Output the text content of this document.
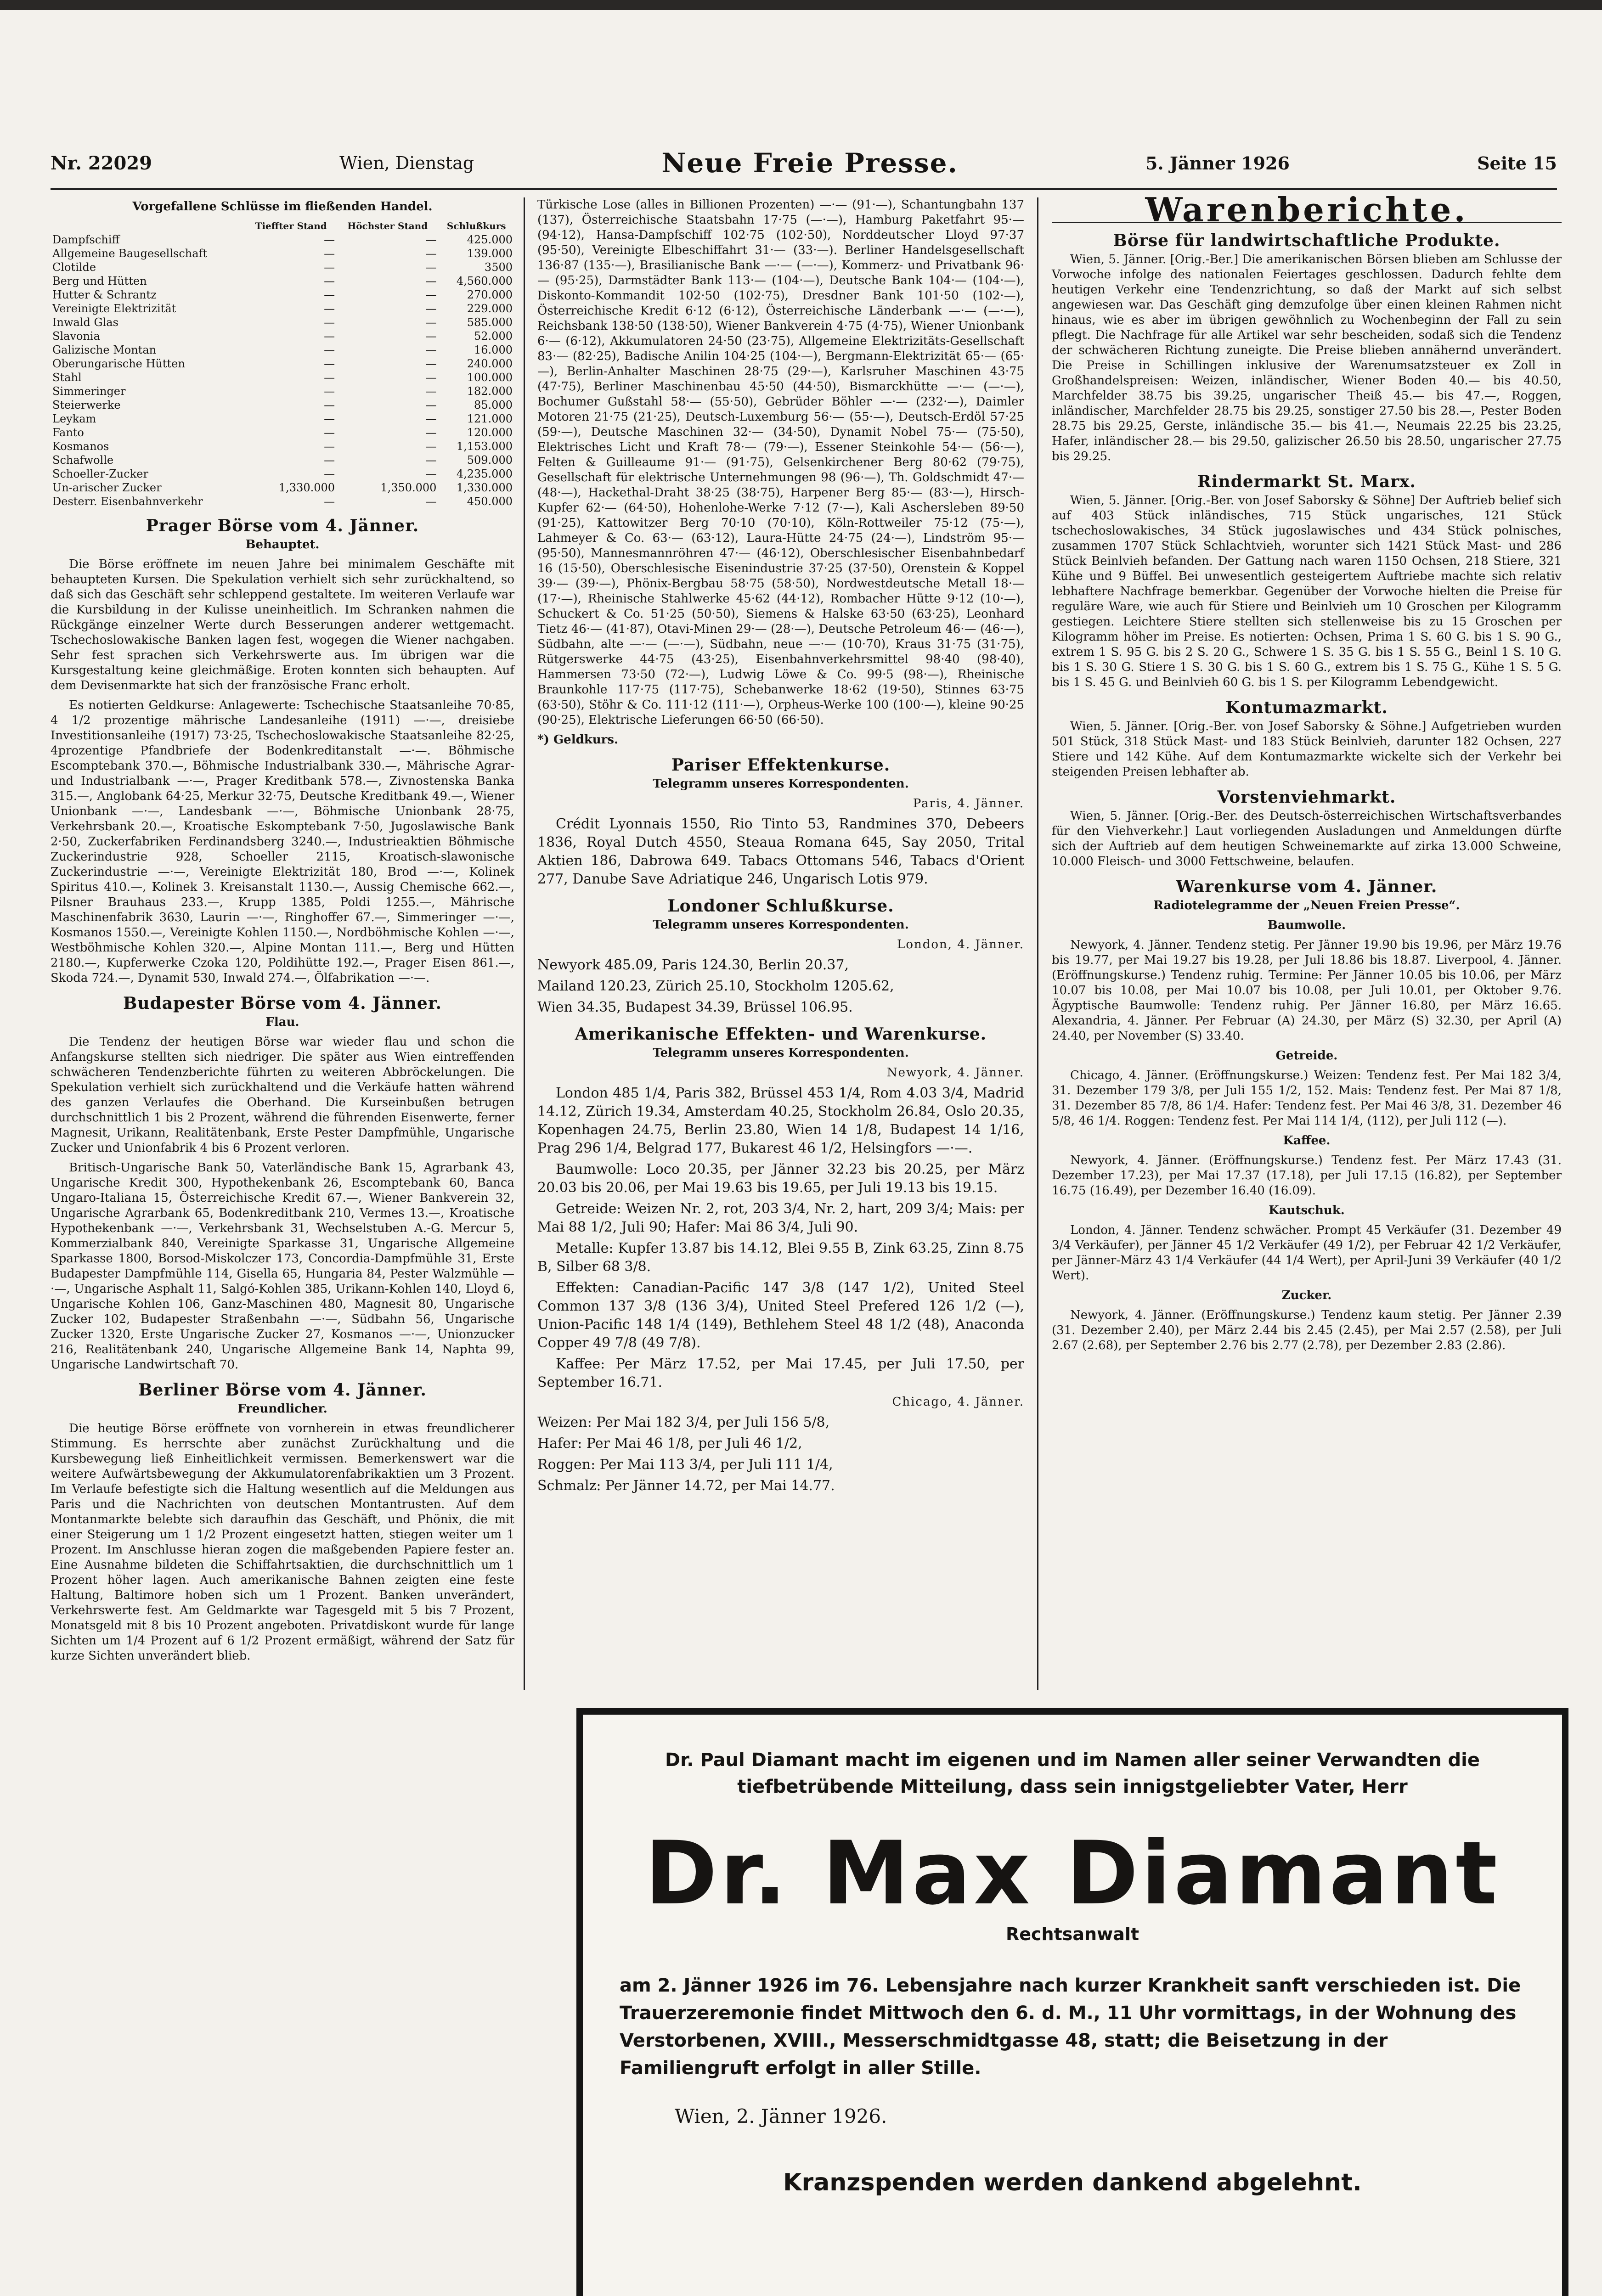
Nr. 22029	Wien, Dienstag	Neue Freie Presse.	5. Jänner 1926	Seite 15
Vorgefallene Schlüsse im fließenden Handel.
	Tieffter Stand	Höchster Stand	Schlußkurs
Dampfschiff	—	—	425.000
Allgemeine Baugesellschaft	—	—	139.000
Clotilde	—	—	3500
Berg und Hütten	—	—	4,560.000
Hutter & Schrantz	—	—	270.000
Vereinigte Elektrizität	—	—	229.000
Inwald Glas	—	—	585.000
Slavonia	—	—	52.000
Galizische Montan	—	—	16.000
Oberungarische Hütten	—	—	240.000
Stahl	—	—	100.000
Simmeringer	—	—	182.000
Steierwerke	—	—	85.000
Leykam	—	—	121.000
Fanto	—	—	120.000
Kosmanos	—	—	1,153.000
Schafwolle	—	—	509.000
Schoeller-Zucker	—	—	4,235.000
Un-arischer Zucker	1,330.000	1,350.000	1,330.000
Desterr. Eisenbahnverkehr	—	—	450.000
Prager Börse vom 4. Jänner.
Behauptet.

Die Börse eröffnete im neuen Jahre bei minimalem Geschäfte mit behaupteten Kursen. Die Spekulation verhielt sich sehr zurückhaltend, so daß sich das Geschäft sehr schleppend gestaltete. Im weiteren Verlaufe war die Kursbildung in der Kulisse uneinheitlich. Im Schranken nahmen die Rückgänge einzelner Werte durch Besserungen anderer wettgemacht. Tschechoslowakische Banken lagen fest, wogegen die Wiener nachgaben. Sehr fest sprachen sich Verkehrswerte aus. Im übrigen war die Kursgestaltung keine gleichmäßige. Eroten konnten sich behaupten. Auf dem Devisenmarkte hat sich der französische Franc erholt.

Es notierten Geldkurse: Anlagewerte: Tschechische Staatsanleihe 70·85, 4 1/2 prozentige mährische Landesanleihe (1911) —·—, dreisiebe Investitionsanleihe (1917) 73·25, Tschechoslowakische Staatsanleihe 82·25, 4prozentige Pfandbriefe der Bodenkreditanstalt —·—. Böhmische Escomptebank 370.—, Böhmische Industrialbank 330.—, Mährische Agrar- und Industrialbank —·—, Prager Kreditbank 578.—, Zivnostenska Banka 315.—, Anglobank 64·25, Merkur 32·75, Deutsche Kreditbank 49.—, Wiener Unionbank —·—, Landesbank —·—, Böhmische Unionbank 28·75, Verkehrsbank 20.—, Kroatische Eskomptebank 7·50, Jugoslawische Bank 2·50, Zuckerfabriken Ferdinandsberg 3240.—, Industrieaktien Böhmische Zuckerindustrie 928, Schoeller 2115, Kroatisch-slawonische Zuckerindustrie —·—, Vereinigte Elektrizität 180, Brod —·—, Kolinek Spiritus 410.—, Kolinek 3. Kreisanstalt 1130.—, Aussig Chemische 662.—, Pilsner Brauhaus 233.—, Krupp 1385, Poldi 1255.—, Mährische Maschinenfabrik 3630, Laurin —·—, Ringhoffer 67.—, Simmeringer —·—, Kosmanos 1550.—, Vereinigte Kohlen 1150.—, Nordböhmische Kohlen —·—, Westböhmische Kohlen 320.—, Alpine Montan 111.—, Berg und Hütten 2180.—, Kupferwerke Czoka 120, Poldihütte 192.—, Prager Eisen 861.—, Skoda 724.—, Dynamit 530, Inwald 274.—, Ölfabrikation —·—.

Budapester Börse vom 4. Jänner.
Flau.

Die Tendenz der heutigen Börse war wieder flau und schon die Anfangskurse stellten sich niedriger. Die später aus Wien eintreffenden schwächeren Tendenzberichte führten zu weiteren Abbröckelungen. Die Spekulation verhielt sich zurückhaltend und die Verkäufe hatten während des ganzen Verlaufes die Oberhand. Die Kurseinbußen betrugen durchschnittlich 1 bis 2 Prozent, während die führenden Eisenwerte, ferner Magnesit, Urikann, Realitätenbank, Erste Pester Dampfmühle, Ungarische Zucker und Unionfabrik 4 bis 6 Prozent verloren.

Britisch-Ungarische Bank 50, Vaterländische Bank 15, Agrarbank 43, Ungarische Kredit 300, Hypothekenbank 26, Escomptebank 60, Banca Ungaro-Italiana 15, Österreichische Kredit 67.—, Wiener Bankverein 32, Ungarische Agrarbank 65, Bodenkreditbank 210, Vermes 13.—, Kroatische Hypothekenbank —·—, Verkehrsbank 31, Wechselstuben A.-G. Mercur 5, Kommerzialbank 840, Vereinigte Sparkasse 31, Ungarische Allgemeine Sparkasse 1800, Borsod-Miskolczer 173, Concordia-Dampfmühle 31, Erste Budapester Dampfmühle 114, Gisella 65, Hungaria 84, Pester Walzmühle —·—, Ungarische Asphalt 11, Salgó-Kohlen 385, Urikann-Kohlen 140, Lloyd 6, Ungarische Kohlen 106, Ganz-Maschinen 480, Magnesit 80, Ungarische Zucker 102, Budapester Straßenbahn —·—, Südbahn 56, Ungarische Zucker 1320, Erste Ungarische Zucker 27, Kosmanos —·—, Unionzucker 216, Realitätenbank 240, Ungarische Allgemeine Bank 14, Naphta 99, Ungarische Landwirtschaft 70.

Berliner Börse vom 4. Jänner.
Freundlicher.

Die heutige Börse eröffnete von vornherein in etwas freundlicherer Stimmung. Es herrschte aber zunächst Zurückhaltung und die Kursbewegung ließ Einheitlichkeit vermissen. Bemerkenswert war die weitere Aufwärtsbewegung der Akkumulatorenfabrikaktien um 3 Prozent. Im Verlaufe befestigte sich die Haltung wesentlich auf die Meldungen aus Paris und die Nachrichten von deutschen Montantrusten. Auf dem Montanmarkte belebte sich daraufhin das Geschäft, und Phönix, die mit einer Steigerung um 1 1/2 Prozent eingesetzt hatten, stiegen weiter um 1 Prozent. Im Anschlusse hieran zogen die maßgebenden Papiere fester an. Eine Ausnahme bildeten die Schiffahrtsaktien, die durchschnittlich um 1 Prozent höher lagen. Auch amerikanische Bahnen zeigten eine feste Haltung, Baltimore hoben sich um 1 Prozent. Banken unverändert, Verkehrswerte fest. Am Geldmarkte war Tagesgeld mit 5 bis 7 Prozent, Monatsgeld mit 8 bis 10 Prozent angeboten. Privatdiskont wurde für lange Sichten um 1/4 Prozent auf 6 1/2 Prozent ermäßigt, während der Satz für kurze Sichten unverändert blieb.

Türkische Lose (alles in Billionen Prozenten) —·— (91·—), Schantungbahn 137 (137), Österreichische Staatsbahn 17·75 (—·—), Hamburg Paketfahrt 95·— (94·12), Hansa-Dampfschiff 102·75 (102·50), Norddeutscher Lloyd 97·37 (95·50), Vereinigte Elbeschiffahrt 31·— (33·—). Berliner Handelsgesellschaft 136·87 (135·—), Brasilianische Bank —·— (—·—), Kommerz- und Privatbank 96·— (95·25), Darmstädter Bank 113·— (104·—), Deutsche Bank 104·— (104·—), Diskonto-Kommandit 102·50 (102·75), Dresdner Bank 101·50 (102·—), Österreichische Kredit 6·12 (6·12), Österreichische Länderbank —·— (—·—), Reichsbank 138·50 (138·50), Wiener Bankverein 4·75 (4·75), Wiener Unionbank 6·— (6·12), Akkumulatoren 24·50 (23·75), Allgemeine Elektrizitäts-Gesellschaft 83·— (82·25), Badische Anilin 104·25 (104·—), Bergmann-Elektrizität 65·— (65·—), Berlin-Anhalter Maschinen 28·75 (29·—), Karlsruher Maschinen 43·75 (47·75), Berliner Maschinenbau 45·50 (44·50), Bismarckhütte —·— (—·—), Bochumer Gußstahl 58·— (55·50), Gebrüder Böhler —·— (232·—), Daimler Motoren 21·75 (21·25), Deutsch-Luxemburg 56·— (55·—), Deutsch-Erdöl 57·25 (59·—), Deutsche Maschinen 32·— (34·50), Dynamit Nobel 75·— (75·50), Elektrisches Licht und Kraft 78·— (79·—), Essener Steinkohle 54·— (56·—), Felten & Guilleaume 91·— (91·75), Gelsenkirchener Berg 80·62 (79·75), Gesellschaft für elektrische Unternehmungen 98 (96·—), Th. Goldschmidt 47·— (48·—), Hackethal-Draht 38·25 (38·75), Harpener Berg 85·— (83·—), Hirsch-Kupfer 62·— (64·50), Hohenlohe-Werke 7·12 (7·—), Kali Aschersleben 89·50 (91·25), Kattowitzer Berg 70·10 (70·10), Köln-Rottweiler 75·12 (75·—), Lahmeyer & Co. 63·— (63·12), Laura-Hütte 24·75 (24·—), Lindström 95·— (95·50), Mannesmannröhren 47·— (46·12), Oberschlesischer Eisenbahnbedarf 16 (15·50), Oberschlesische Eisenindustrie 37·25 (37·50), Orenstein & Koppel 39·— (39·—), Phönix-Bergbau 58·75 (58·50), Nordwestdeutsche Metall 18·— (17·—), Rheinische Stahlwerke 45·62 (44·12), Rombacher Hütte 9·12 (10·—), Schuckert & Co. 51·25 (50·50), Siemens & Halske 63·50 (63·25), Leonhard Tietz 46·— (41·87), Otavi-Minen 29·— (28·—), Deutsche Petroleum 46·— (46·—), Südbahn, alte —·— (—·—), Südbahn, neue —·— (10·70), Kraus 31·75 (31·75), Rütgerswerke 44·75 (43·25), Eisenbahnverkehrsmittel 98·40 (98·40), Hammersen 73·50 (72·—), Ludwig Löwe & Co. 99·5 (98·—), Rheinische Braunkohle 117·75 (117·75), Schebanwerke 18·62 (19·50), Stinnes 63·75 (63·50), Stöhr & Co. 111·12 (111·—), Orpheus-Werke 100 (100·—), kleine 90·25 (90·25), Elektrische Lieferungen 66·50 (66·50).

*) Geldkurs.

Pariser Effektenkurse.
Telegramm unseres Korrespondenten.
Paris, 4. Jänner.

Crédit Lyonnais 1550, Rio Tinto 53, Randmines 370, Debeers 1836, Royal Dutch 4550, Steaua Romana 645, Say 2050, Trital Aktien 186, Dabrowa 649. Tabacs Ottomans 546, Tabacs d'Orient 277, Danube Save Adriatique 246, Ungarisch Lotis 979.

Londoner Schlußkurse.
Telegramm unseres Korrespondenten.
London, 4. Jänner.
Newyork 485.09, Paris 124.30, Berlin 20.37,
Mailand 120.23, Zürich 25.10, Stockholm 1205.62,
Wien 34.35, Budapest 34.39, Brüssel 106.95.
Amerikanische Effekten- und Warenkurse.
Telegramm unseres Korrespondenten.
Newyork, 4. Jänner.

London 485 1/4, Paris 382, Brüssel 453 1/4, Rom 4.03 3/4, Madrid 14.12, Zürich 19.34, Amsterdam 40.25, Stockholm 26.84, Oslo 20.35, Kopenhagen 24.75, Berlin 23.80, Wien 14 1/8, Budapest 14 1/16, Prag 296 1/4, Belgrad 177, Bukarest 46 1/2, Helsingfors —·—.

Baumwolle: Loco 20.35, per Jänner 32.23 bis 20.25, per März 20.03 bis 20.06, per Mai 19.63 bis 19.65, per Juli 19.13 bis 19.15.

Getreide: Weizen Nr. 2, rot, 203 3/4, Nr. 2, hart, 209 3/4; Mais: per Mai 88 1/2, Juli 90; Hafer: Mai 86 3/4, Juli 90.

Metalle: Kupfer 13.87 bis 14.12, Blei 9.55 B, Zink 63.25, Zinn 8.75 B, Silber 68 3/8.

Effekten: Canadian-Pacific 147 3/8 (147 1/2), United Steel Common 137 3/8 (136 3/4), United Steel Prefered 126 1/2 (—), Union-Pacific 148 1/4 (149), Bethlehem Steel 48 1/2 (48), Anaconda Copper 49 7/8 (49 7/8).

Kaffee: Per März 17.52, per Mai 17.45, per Juli 17.50, per September 16.71.

Chicago, 4. Jänner.
Weizen: Per Mai 182 3/4, per Juli 156 5/8,
Hafer: Per Mai 46 1/8, per Juli 46 1/2,
Roggen: Per Mai 113 3/4, per Juli 111 1/4,
Schmalz: Per Jänner 14.72, per Mai 14.77.
Warenberichte.
Börse für landwirtschaftliche Produkte.

Wien, 5. Jänner. [Orig.-Ber.] Die amerikanischen Börsen blieben am Schlusse der Vorwoche infolge des nationalen Feiertages geschlossen. Dadurch fehlte dem heutigen Verkehr eine Tendenzrichtung, so daß der Markt auf sich selbst angewiesen war. Das Geschäft ging demzufolge über einen kleinen Rahmen nicht hinaus, wie es aber im übrigen gewöhnlich zu Wochenbeginn der Fall zu sein pflegt. Die Nachfrage für alle Artikel war sehr bescheiden, sodaß sich die Tendenz der schwächeren Richtung zuneigte. Die Preise blieben annähernd unverändert. Die Preise in Schillingen inklusive der Warenumsatzsteuer ex Zoll in Großhandelspreisen: Weizen, inländischer, Wiener Boden 40.— bis 40.50, Marchfelder 38.75 bis 39.25, ungarischer Theiß 45.— bis 47.—, Roggen, inländischer, Marchfelder 28.75 bis 29.25, sonstiger 27.50 bis 28.—, Pester Boden 28.75 bis 29.25, Gerste, inländische 35.— bis 41.—, Neumais 22.25 bis 23.25, Hafer, inländischer 28.— bis 29.50, galizischer 26.50 bis 28.50, ungarischer 27.75 bis 29.25.

Rindermarkt St. Marx.

Wien, 5. Jänner. [Orig.-Ber. von Josef Saborsky & Söhne] Der Auftrieb belief sich auf 403 Stück inländisches, 715 Stück ungarisches, 121 Stück tschechoslowakisches, 34 Stück jugoslawisches und 434 Stück polnisches, zusammen 1707 Stück Schlachtvieh, worunter sich 1421 Stück Mast- und 286 Stück Beinlvieh befanden. Der Gattung nach waren 1150 Ochsen, 218 Stiere, 321 Kühe und 9 Büffel. Bei unwesentlich gesteigertem Auftriebe machte sich relativ lebhaftere Nachfrage bemerkbar. Gegenüber der Vorwoche hielten die Preise für reguläre Ware, wie auch für Stiere und Beinlvieh um 10 Groschen per Kilogramm gestiegen. Leichtere Stiere stellten sich stellenweise bis zu 15 Groschen per Kilogramm höher im Preise. Es notierten: Ochsen, Prima 1 S. 60 G. bis 1 S. 90 G., extrem 1 S. 95 G. bis 2 S. 20 G., Schwere 1 S. 35 G. bis 1 S. 55 G., Beinl 1 S. 10 G. bis 1 S. 30 G. Stiere 1 S. 30 G. bis 1 S. 60 G., extrem bis 1 S. 75 G., Kühe 1 S. 5 G. bis 1 S. 45 G. und Beinlvieh 60 G. bis 1 S. per Kilogramm Lebendgewicht.

Kontumazmarkt.

Wien, 5. Jänner. [Orig.-Ber. von Josef Saborsky & Söhne.] Aufgetrieben wurden 501 Stück, 318 Stück Mast- und 183 Stück Beinlvieh, darunter 182 Ochsen, 227 Stiere und 142 Kühe. Auf dem Kontumazmarkte wickelte sich der Verkehr bei steigenden Preisen lebhafter ab.

Vorstenviehmarkt.

Wien, 5. Jänner. [Orig.-Ber. des Deutsch-österreichischen Wirtschaftsverbandes für den Viehverkehr.] Laut vorliegenden Ausladungen und Anmeldungen dürfte sich der Auftrieb auf dem heutigen Schweinemarkte auf zirka 13.000 Schweine, 10.000 Fleisch- und 3000 Fettschweine, belaufen.

Warenkurse vom 4. Jänner.
Radiotelegramme der „Neuen Freien Presse“.
Baumwolle.

Newyork, 4. Jänner. Tendenz stetig. Per Jänner 19.90 bis 19.96, per März 19.76 bis 19.77, per Mai 19.27 bis 19.28, per Juli 18.86 bis 18.87. Liverpool, 4. Jänner. (Eröffnungskurse.) Tendenz ruhig. Termine: Per Jänner 10.05 bis 10.06, per März 10.07 bis 10.08, per Mai 10.07 bis 10.08, per Juli 10.01, per Oktober 9.76. Ägyptische Baumwolle: Tendenz ruhig. Per Jänner 16.80, per März 16.65. Alexandria, 4. Jänner. Per Februar (A) 24.30, per März (S) 32.30, per April (A) 24.40, per November (S) 33.40.

Getreide.

Chicago, 4. Jänner. (Eröffnungskurse.) Weizen: Tendenz fest. Per Mai 182 3/4, 31. Dezember 179 3/8, per Juli 155 1/2, 152. Mais: Tendenz fest. Per Mai 87 1/8, 31. Dezember 85 7/8, 86 1/4. Hafer: Tendenz fest. Per Mai 46 3/8, 31. Dezember 46 5/8, 46 1/4. Roggen: Tendenz fest. Per Mai 114 1/4, (112), per Juli 112 (—).

Kaffee.

Newyork, 4. Jänner. (Eröffnungskurse.) Tendenz fest. Per März 17.43 (31. Dezember 17.23), per Mai 17.37 (17.18), per Juli 17.15 (16.82), per September 16.75 (16.49), per Dezember 16.40 (16.09).

Kautschuk.

London, 4. Jänner. Tendenz schwächer. Prompt 45 Verkäufer (31. Dezember 49 3/4 Verkäufer), per Jänner 45 1/2 Verkäufer (49 1/2), per Februar 42 1/2 Verkäufer, per Jänner-März 43 1/4 Verkäufer (44 1/4 Wert), per April-Juni 39 Verkäufer (40 1/2 Wert).

Zucker.

Newyork, 4. Jänner. (Eröffnungskurse.) Tendenz kaum stetig. Per Jänner 2.39 (31. Dezember 2.40), per März 2.44 bis 2.45 (2.45), per Mai 2.57 (2.58), per Juli 2.67 (2.68), per September 2.76 bis 2.77 (2.78), per Dezember 2.83 (2.86).

Dr. Paul Diamant macht im eigenen und im Namen aller seiner Verwandten die tiefbetrübende Mitteilung, dass sein innigstgeliebter Vater, Herr
Dr. Max Diamant
Rechtsanwalt
am 2. Jänner 1926 im 76. Lebensjahre nach kurzer Krankheit sanft verschieden ist. Die Trauerzeremonie findet Mittwoch den 6. d. M., 11 Uhr vormittags, in der Wohnung des Verstorbenen, XVIII., Messerschmidtgasse 48, statt; die Beisetzung in der Familiengruft erfolgt in aller Stille.
Wien, 2. Jänner 1926.
Kranzspenden werden dankend abgelehnt.
